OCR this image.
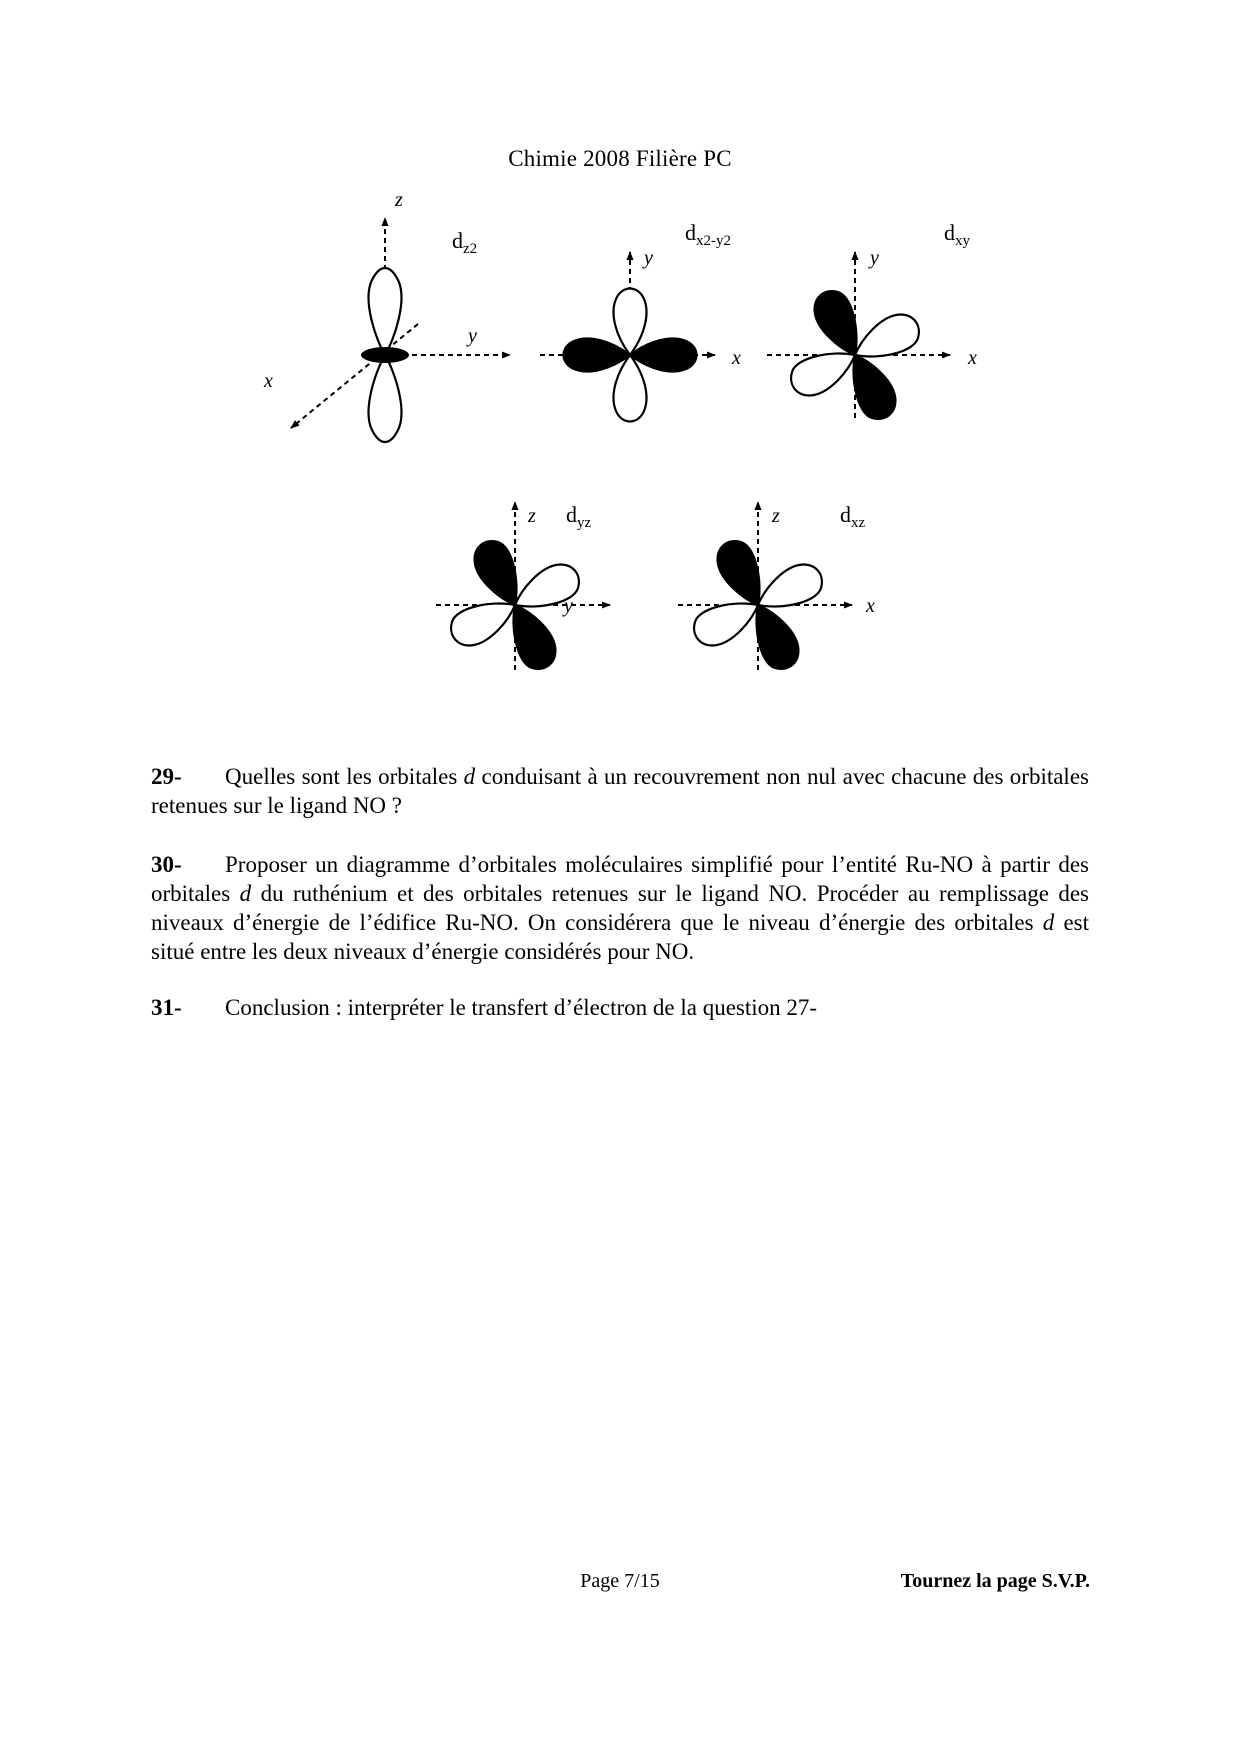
Chimie 2008 Filière PC
z
y
x
$d_{z2}$	y
x
$d_{x2-y2}$
y
x
$d_{xy}$
z
y
$d_{yz}$	z
x
$d_{xz}$
29- Quelles sont les orbitales d conduisant à un recouvrement non nul avec chacune des orbitales retenues sur le ligand NO ?
30- Proposer un diagramme d’orbitales moléculaires simplifié pour l’entité Ru-NO à partir des orbitales d du ruthénium et des orbitales retenues sur le ligand NO. Procéder au remplissage des niveaux d’énergie de l’édifice Ru-NO. On considérera que le niveau d’énergie des orbitales d est situé entre les deux niveaux d’énergie considérés pour NO.
31- Conclusion : interpréter le transfert d’électron de la question 27-
Page 7/15	Tournez la page S.V.P.
